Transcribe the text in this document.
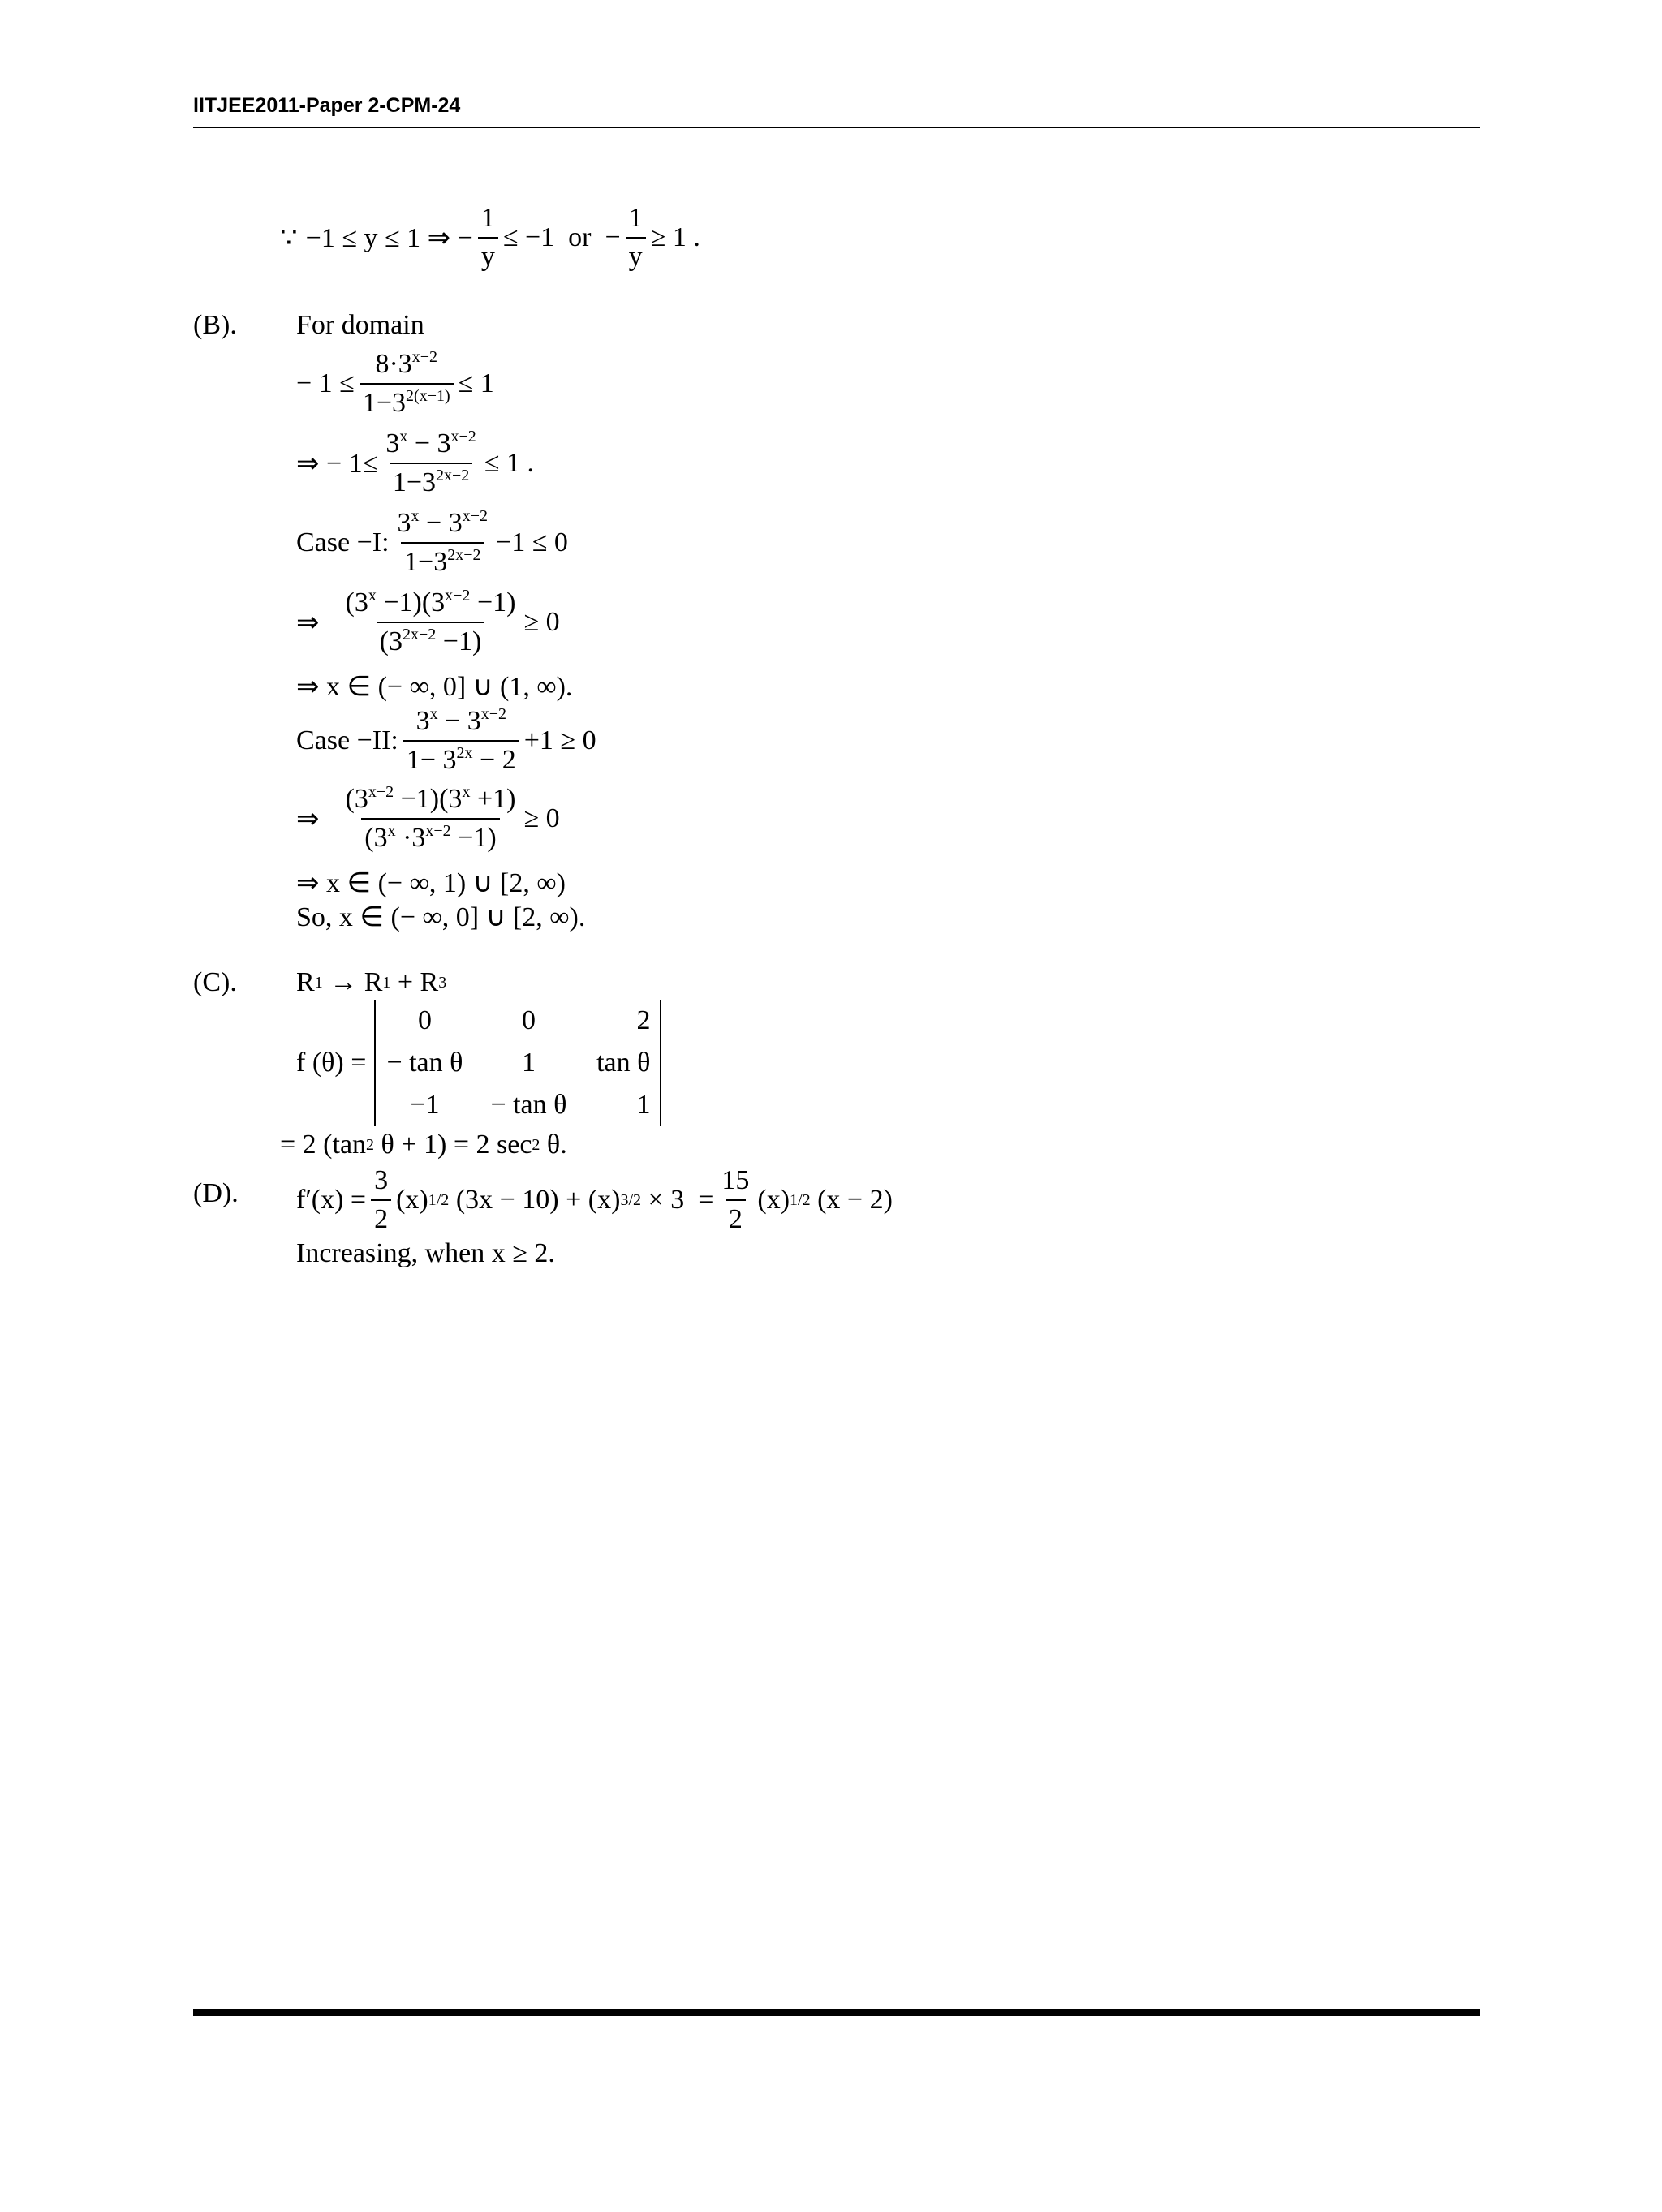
IITJEE2011-Paper 2-CPM-24
∵ −1 ≤ y ≤ 1 ⇒ − $\frac{1}{y} \le -1$  or  − $\frac{1}{y} \ge 1$ .
(B). For domain
− $1 \le \frac{8\cdot 3^{x-2}}{1-3^{2(x-1)}} \le 1$
⇒ − $1\le \frac{3^x - 3^{x-2}}{1-3^{2x-2}} \le 1$ .
Case −I: $\frac{3^x - 3^{x-2}}{1-3^{2x-2}} -1 \le 0$
⇒ $\frac{(3^x -1)(3^{x-2} -1)}{(3^{2x-2} -1)} \ge 0$
⇒ x ∈ (− ∞, 0] ∪ (1, ∞).
Case −II: $\frac{3^x - 3^{x-2}}{1- 3^{2x} - 2} +1 \ge 0$
⇒ $\frac{(3^{x-2} -1)(3^x +1)}{(3^x \cdot 3^{x-2} -1)} \ge 0$
⇒ x ∈ (− ∞, 1) ∪ [2, ∞)
So, x ∈ (− ∞, 0] ∪ [2, ∞).
(C). R 1 → R 1 + R 3
f (θ) =
0	0	2
− tan θ	1	tan θ
−1	− tan θ	1
= 2 (tan 2 θ + 1) = 2 sec 2 θ.
(D). $f'(x) = \frac{3}{2} (x)$ 1/2 (3x − 10) + (x) $3/2 \times 3 = \frac{15}{2} (x)$ 1/2 (x − 2)
Increasing, when x ≥ 2.
